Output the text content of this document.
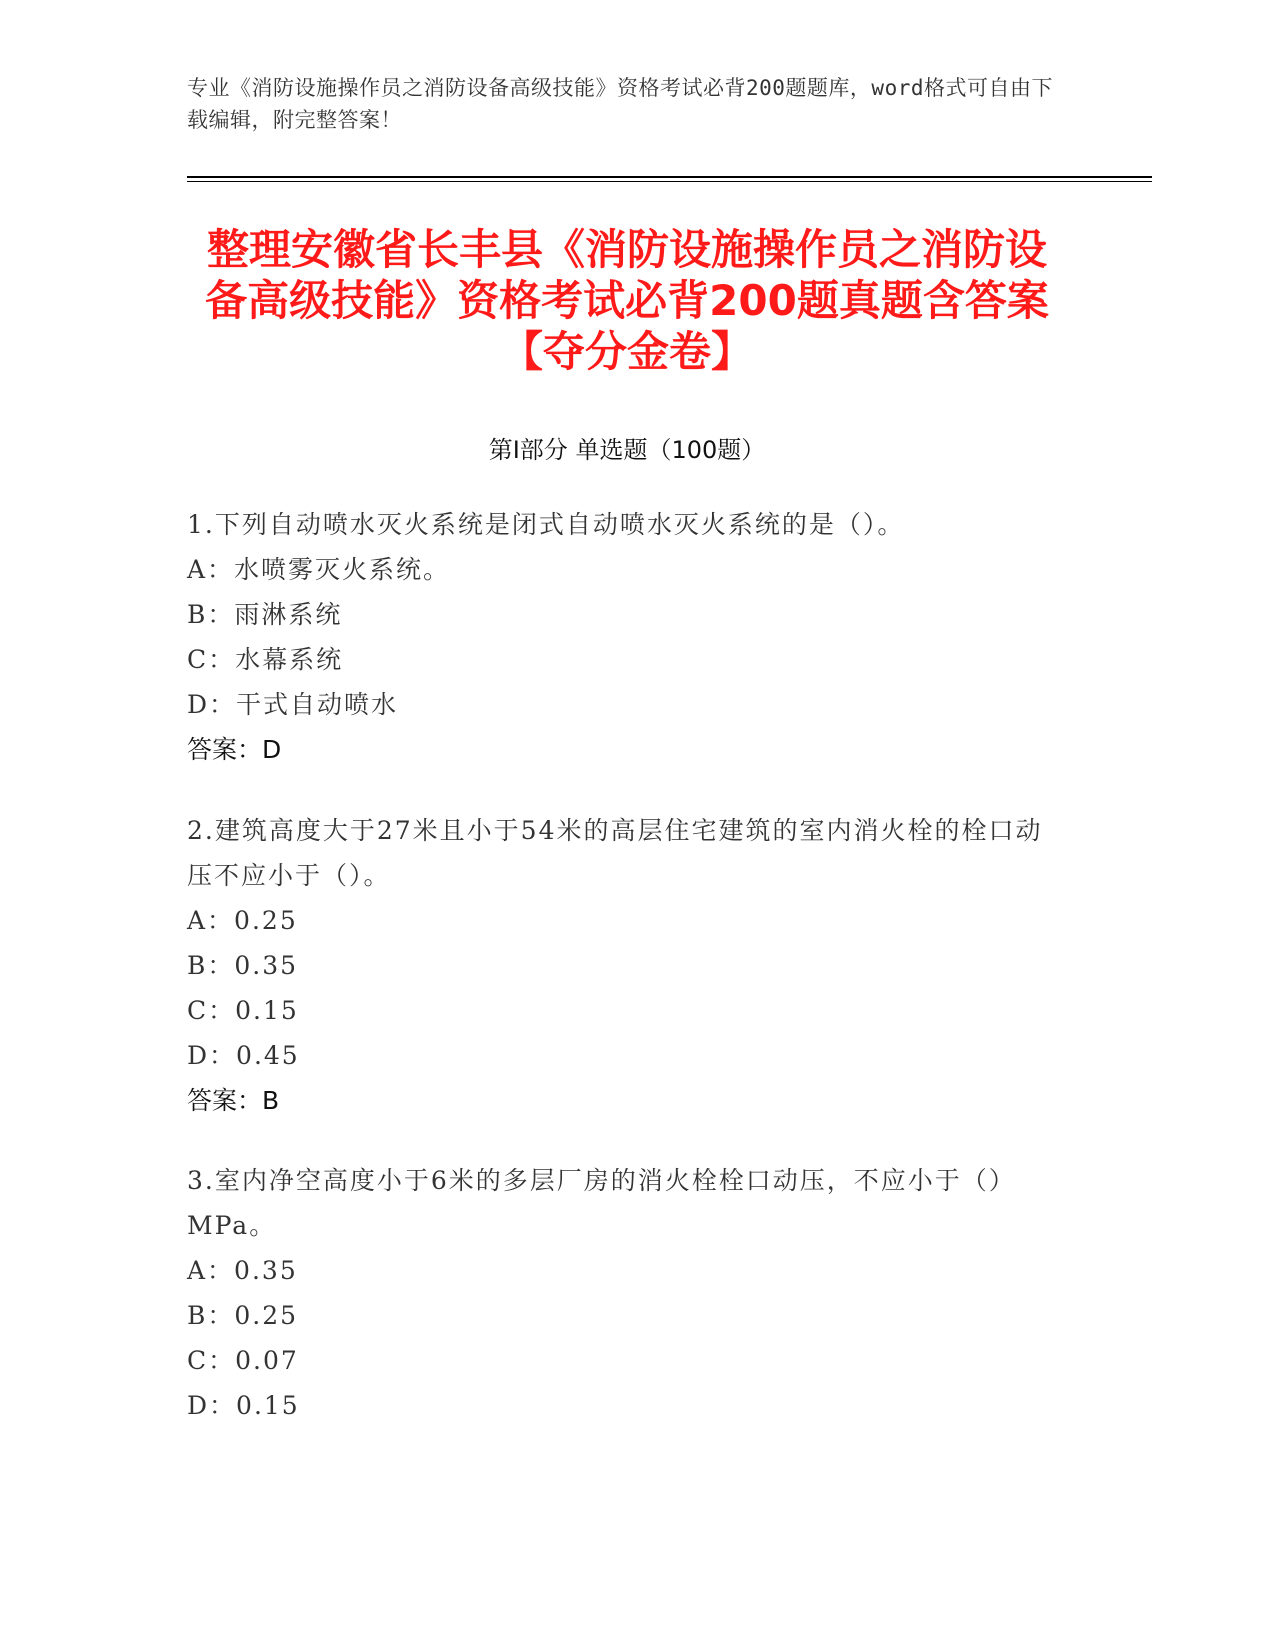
专业《消防设施操作员之消防设备高级技能》资格考试必背200题题库，word格式可自由下载编辑，附完整答案！
整理安徽省长丰县《消防设施操作员之消防设备高级技能》资格考试必背200题真题含答案【夺分金卷】
第Ⅰ部分 单选题（100题）

1.下列自动喷水灭火系统是闭式自动喷水灭火系统的是（）。

A：水喷雾灭火系统。

B：雨淋系统

C：水幕系统

D：干式自动喷水

答案：D

2.建筑高度大于27米且小于54米的高层住宅建筑的室内消火栓的栓口动压不应小于（）。

A：0.25

B：0.35

C：0.15

D：0.45

答案：B

3.室内净空高度小于6米的多层厂房的消火栓栓口动压，不应小于（）MPa。

A：0.35

B：0.25

C：0.07

D：0.15
